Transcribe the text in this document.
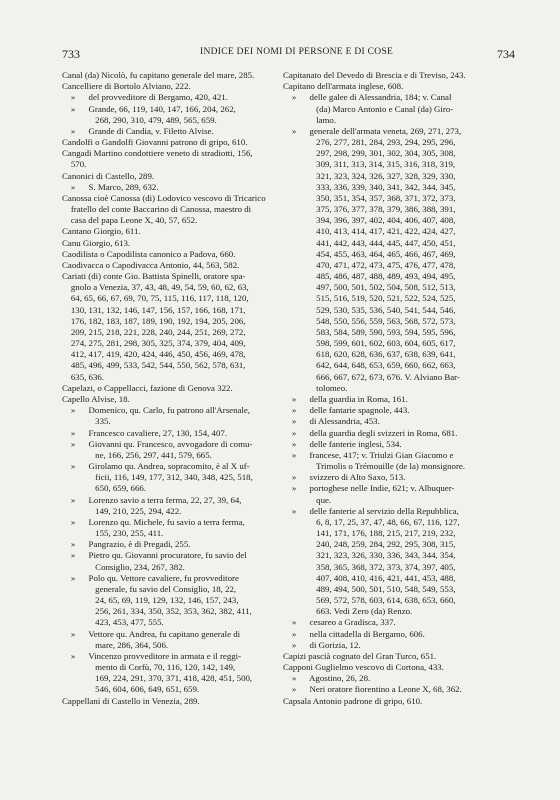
733	INDICE DEI NOMI DI PERSONE E DI COSE	734
Canal (da) Nicolò, fu capitano generale del mare, 285.
Cancelliere di Bortolo Alviano, 222.
»      del provveditore di Bergamo, 420, 421.
»      Grande, 66, 119, 140, 147, 166, 204, 262,
268, 290, 310, 479, 489, 565, 659.
»      Grande di Candia, v. Filetto Alvise.
Candolfi o Gandolfi Giovanni patrono di gripo, 610.
Cangadi Martino condottiere veneto di stradiotti, 156,
570.
Canonici di Castello, 289.
»      S. Marco, 289, 632.
Canossa cioè Canossa (di) Lodovico vescovo di Tricarico
fratello del conte Baccarino di Canossa, maestro di
casa del papa Leone X, 40, 57, 652.
Cantano Giorgio, 611.
Canu Giorgio, 613.
Caodilista o Capodilista canonico a Padova, 660.
Caodivacca o Capodivacca Antonio, 44, 563, 582.
Cariati (di) conte Gio. Battista Spinelli, oratore spa-
gnolo a Venezia, 37, 43, 48, 49, 54, 59, 60, 62, 63,
64, 65, 66, 67, 69, 70, 75, 115, 116, 117, 118, 120,
130, 131, 132, 146, 147, 156, 157, 166, 168, 171,
176, 182, 183, 187, 189, 190, 192, 194, 205, 206,
209, 215, 218, 221, 228, 240, 244, 251, 269, 272,
274, 275, 281, 298, 305, 325, 374, 379, 404, 409,
412, 417, 419, 420, 424, 446, 450, 456, 469, 478,
485, 496, 499, 533, 542, 544, 550, 562, 578, 631,
635, 636.
Capelazi, o Cappellacci, fazione di Genova 322.
Capello Alvise, 18.
»      Domenico, qu. Carlo, fu patrono all'Arsenale,
335.
»      Francesco cavaliere, 27, 130, 154, 407.
»      Giovanni qu. Francesco, avvogadore di comu-
ne, 166, 256, 297, 441, 579, 665.
»      Girolamo qu. Andrea, sopracomito, è al X uf-
ficii, 116, 149, 177, 312, 340, 348, 425, 518,
650, 659, 666.
»      Lorenzo savio a terra ferma, 22, 27, 39, 64,
149, 210, 225, 294, 422.
»      Lorenzo qu. Michele, fu savio a terra ferma,
155, 230, 255, 411.
»      Pangrazio, è di Pregadi, 255.
»      Pietro qu. Giovanni procuratore, fu savio del
Consiglio, 234, 267, 382.
»      Polo qu. Vettore cavaliere, fu provveditore
generale, fu savio del Consiglio, 18, 22,
24, 65, 69, 119, 129, 132, 146, 157, 243,
256, 261, 334, 350, 352, 353, 362, 382, 411,
423, 453, 477, 555.
»      Vettore qu. Andrea, fu capitano generale di
mare, 286, 364, 506.
»      Vincenzo provveditore in armata e il reggi-
mento di Corfù, 70, 116, 120, 142, 149,
169, 224, 291, 370, 371, 418, 428, 451, 500,
546, 604, 606, 649, 651, 659.
Cappellani di Castello in Venezia, 289.
Capitanato del Devedo di Brescia e di Treviso, 243.
Capitano dell'armata inglese, 608.
»      delle galee di Alessandria, 184; v. Canal
(da) Marco Antonio e Canal (da) Giro-
lamo.
»      generale dell'armata veneta, 269, 271, 273,
276, 277, 281, 284, 293, 294, 295, 296,
297, 298, 299, 301, 302, 304, 305, 308,
309, 311, 313, 314, 315, 316, 318, 319,
321, 323, 324, 326, 327, 328, 329, 330,
333, 336, 339, 340, 341, 342, 344, 345,
350, 351, 354, 357, 368, 371, 372, 373,
375, 376, 377, 378, 379, 386, 388, 391,
394, 396, 397, 402, 404, 406, 407, 408,
410, 413, 414, 417, 421, 422, 424, 427,
441, 442, 443, 444, 445, 447, 450, 451,
454, 455, 463, 464, 465, 466, 467, 469,
470, 471, 472, 473, 475, 476, 477, 478,
485, 486, 487, 488, 489, 493, 494, 495,
497, 500, 501, 502, 504, 508, 512, 513,
515, 516, 519, 520, 521, 522, 524, 525,
529, 530, 535, 536, 540, 541, 544, 546,
548, 550, 556, 559, 563, 568, 572, 573,
583, 584, 589, 590, 593, 594, 595, 596,
598, 599, 601, 602, 603, 604, 605, 617,
618, 620, 628, 636, 637, 638, 639, 641,
642, 644, 648, 653, 659, 660, 662, 663,
666, 667, 672, 673, 676. V. Alviano Bar-
tolomeo.
»      della guardia in Roma, 161.
»      delle fantarie spagnole, 443.
»      di Alessandria, 453.
»      della guardia degli svizzeri in Roma, 681.
»      delle fanterie inglesi, 534.
»      francese, 417; v. Triulzi Gian Giacomo e
Trimolis o Trémouille (de la) monsignore.
»      svizzero di Alto Saxo, 513.
»      portoghese nelle Indie, 621; v. Albuquer-
que.
»      delle fanterie al servizio della Repubblica,
6, 8, 17, 25, 37, 47, 48, 66, 67, 116, 127,
141, 171, 176, 188, 215, 217, 219, 232,
240, 248, 259, 284, 292, 295, 308, 315,
321, 323, 326, 330, 336, 343, 344, 354,
358, 365, 368, 372, 373, 374, 397, 405,
407, 408, 410, 416, 421, 441, 453, 488,
489, 494, 500, 501, 510, 548, 549, 553,
569, 572, 578, 603, 614, 638, 653, 660,
663. Vedi Zero (da) Renzo.
»      cesareo a Gradisca, 337.
»      nella cittadella di Bergamo, 606.
»      di Gorizia, 12.
Capizi pascià cognato del Gran Turco, 651.
Capponi Guglielmo vescovo di Cortona, 433.
»      Agostino, 26, 28.
»      Neri oratore fiorentino a Leone X, 68, 362.
Capsala Antonio padrone di gripo, 610.
